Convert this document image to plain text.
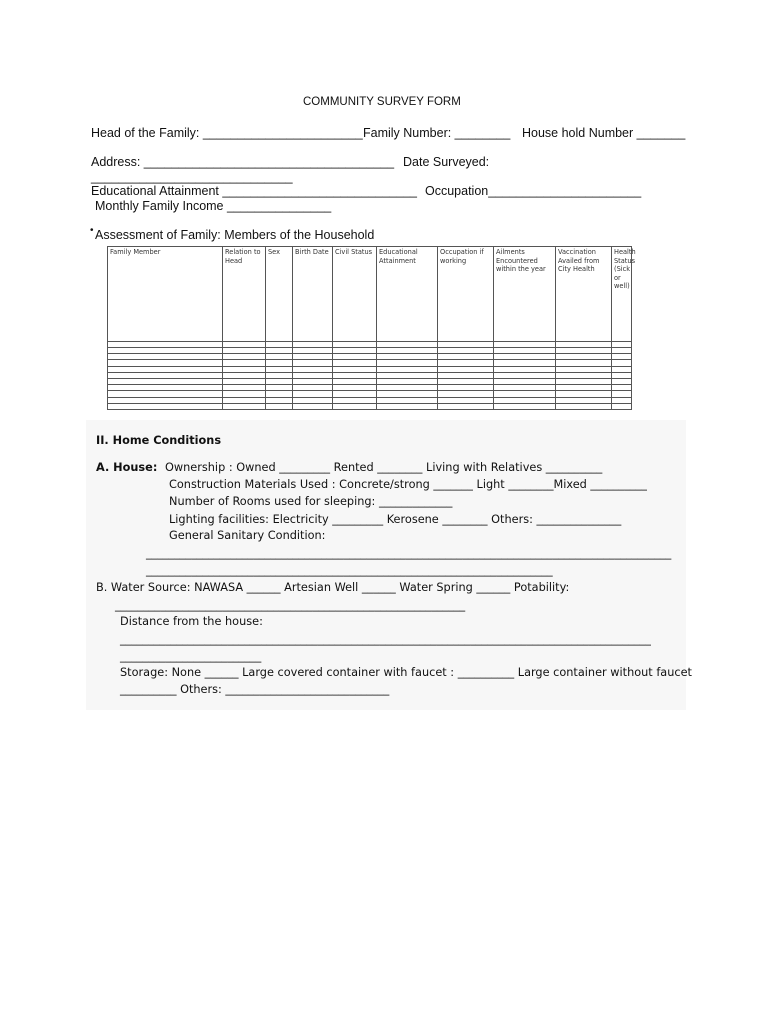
COMMUNITY SURVEY FORM
Head of the Family: _______________________ Family Number: ________ House hold Number _______
Address: ____________________________________ Date Surveyed:
_____________________________
Educational Attainment ____________________________ Occupation______________________
Monthly Family Income _______________
• Assessment of Family: Members of the Household
Family Member	Relation to Head	Sex	Birth Date	Civil Status	Educational Attainment	Occupation if working	Ailments Encountered within the year	Vaccination Availed from City Health	Health Status (Sick or well)

II. Home Conditions
A. House: Ownership : Owned _________ Rented ________ Living with Relatives __________
Construction Materials Used : Concrete/strong _______ Light ________Mixed __________
Number of Rooms used for sleeping: _____________
Lighting facilities: Electricity _________ Kerosene ________ Others: _______________
General Sanitary Condition:
_____________________________________________________________________________________________
________________________________________________________________________
B. Water Source: NAWASA ______ Artesian Well ______ Water Spring ______ Potability:
______________________________________________________________
Distance from the house:
______________________________________________________________________________________________
_________________________
Storage: None ______ Large covered container with faucet : __________ Large container without faucet
__________ Others: _____________________________
